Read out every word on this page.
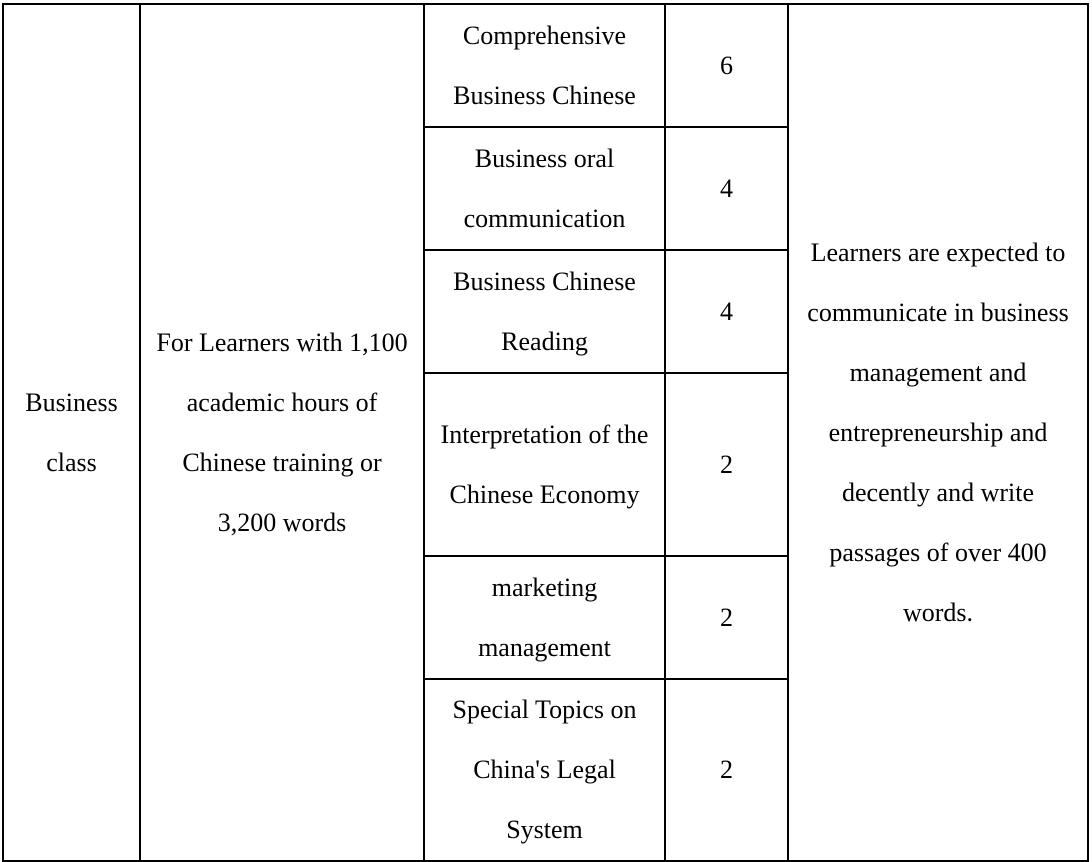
Business class	For Learners with 1,100 academic hours of Chinese training or 3,200 words	Comprehensive Business Chinese	6	Learners are expected to communicate in business management and entrepreneurship and decently and write passages of over 400 words.
		Business oral communication	4	
		Business Chinese Reading	4	
		Interpretation of the Chinese Economy	2	
		marketing management	2	
		Special Topics on China's Legal System	2	
